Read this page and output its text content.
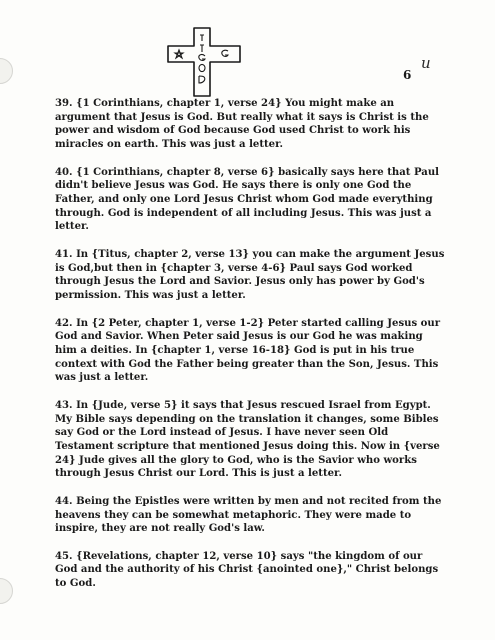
u
6

39. {1 Corinthians, chapter 1, verse 24} You might make an argument that Jesus is God. But really what it says is Christ is the power and wisdom of God because God used Christ to work his miracles on earth. This was just a letter.

40. {1 Corinthians, chapter 8, verse 6} basically says here that Paul didn't believe Jesus was God. He says there is only one God the Father, and only one Lord Jesus Christ whom God made everything through. God is independent of all including Jesus. This was just a letter.

41. In {Titus, chapter 2, verse 13} you can make the argument Jesus is God,but then in {chapter 3, verse 4-6} Paul says God worked through Jesus the Lord and Savior. Jesus only has power by God's permission. This was just a letter.

42. In {2 Peter, chapter 1, verse 1-2} Peter started calling Jesus our God and Savior. When Peter said Jesus is our God he was making him a deities. In {chapter 1, verse 16-18} God is put in his true context with God the Father being greater than the Son, Jesus. This was just a letter.

43. In {Jude, verse 5} it says that Jesus rescued Israel from Egypt. My Bible says depending on the translation it changes, some Bibles say God or the Lord instead of Jesus. I have never seen Old Testament scripture that mentioned Jesus doing this. Now in {verse 24} Jude gives all the glory to God, who is the Savior who works through Jesus Christ our Lord. This is just a letter.

44. Being the Epistles were written by men and not recited from the heavens they can be somewhat metaphoric. They were made to inspire, they are not really God's law.

45. {Revelations, chapter 12, verse 10} says "the kingdom of our God and the authority of his Christ {anointed one}," Christ belongs to God.
